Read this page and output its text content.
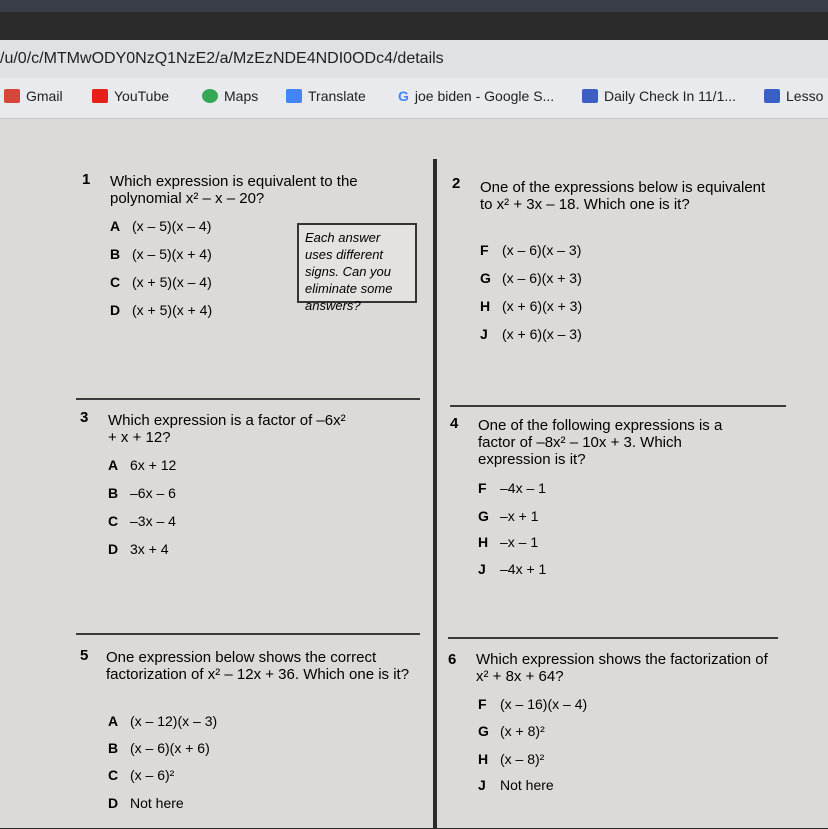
/u/0/c/MTMwODY0NzQ1NzE2/a/MzEzNDE4NDI0ODc4/details
Gmail	YouTube	Maps	Translate G joe biden - Google S...	Daily Check In 11/1...	Lesso
1 Which expression is equivalent to the polynomial x² – x – 20?
A (x – 5)(x – 4)
B (x – 5)(x + 4)
C (x + 5)(x – 4)
D (x + 5)(x + 4)
Each answer uses different signs. Can you eliminate some answers?
2 One of the expressions below is equivalent to x² + 3x – 18. Which one is it?
F (x – 6)(x – 3)
G (x – 6)(x + 3)
H (x + 6)(x + 3)
J (x + 6)(x – 3)
3 Which expression is a factor of –6x² + x + 12?
A 6x + 12
B –6x – 6
C –3x – 4
D 3x + 4
4 One of the following expressions is a factor of –8x² – 10x + 3. Which expression is it?
F –4x – 1
G –x + 1
H –x – 1
J –4x + 1
5 One expression below shows the correct factorization of x² – 12x + 36. Which one is it?
A (x – 12)(x – 3)
B (x – 6)(x + 6)
C (x – 6)²
D Not here
6 Which expression shows the factorization of x² + 8x + 64?
F (x – 16)(x – 4)
G (x + 8)²
H (x – 8)²
J Not here
